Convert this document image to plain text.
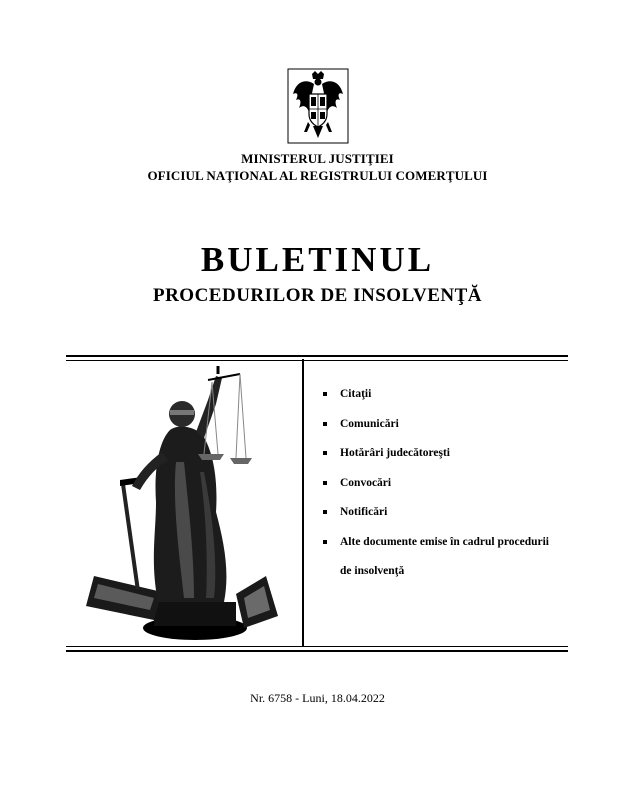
MINISTERUL JUSTIŢIEI
OFICIUL NAŢIONAL AL REGISTRULUI COMERŢULUI
BULETINUL
PROCEDURILOR DE INSOLVENŢĂ
Citaţii
Comunicări
Hotărâri judecătoreşti
Convocări
Notificări
Alte documente emise în cadrul procedurii
de insolvenţă
Nr. 6758 - Luni, 18.04.2022
